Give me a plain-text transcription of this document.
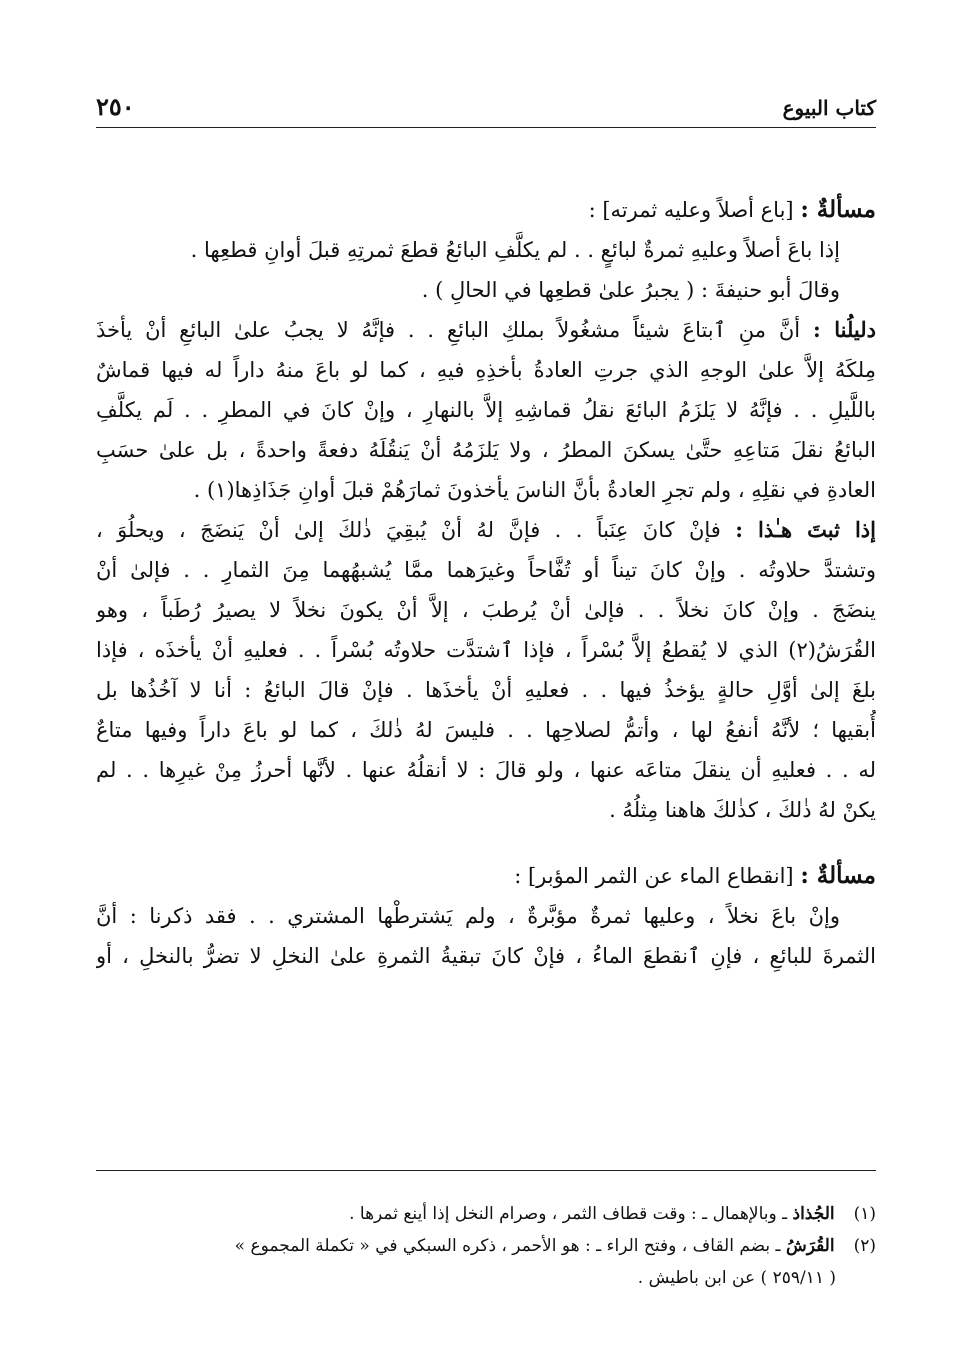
كتاب البيوع
٢٥٠
مسألةٌ : [باع أصلاً وعليه ثمرته] :
إذا باعَ أصلاً وعليهِ ثمرةٌ لبائعٍ . . لم يكلَّفِ البائعُ قطعَ ثمرتِهِ قبلَ أوانِ قطعِها .
وقالَ أبو حنيفةَ : ( يجبرُ علىٰ قطعِها في الحالِ ) .
دليلُنا : أنَّ منِ ٱبتاعَ شيئاً مشغُولاً بملكِ البائعِ . . فإنَّهُ لا يجبُ علىٰ البائعِ أنْ يأخذَ
مِلكَهُ إلاَّ علىٰ الوجهِ الذي جرتِ العادةُ بأخذِهِ فيهِ ، كما لو باعَ منهُ داراً له فيها قماشٌ
باللَّيلِ . . فإنَّهُ لا يَلزَمُ البائعَ نقلُ قماشِهِ إلاَّ بالنهارِ ، وإنْ كانَ في المطرِ . . لَم يكلَّفِ
البائعُ نقلَ مَتاعِهِ حتَّىٰ يسكنَ المطرُ ، ولا يَلزَمُهُ أنْ يَنقُلَهُ دفعةً واحدةً ، بل علىٰ حسَبِ
العادةِ في نقلِهِ ، ولم تجرِ العادةُ بأنَّ الناسَ يأخذونَ ثمارَهُمْ قبلَ أوانِ جَذَاذِها(١) .
إذا ثبتَ هـٰذا : فإنْ كانَ عِنَباً . . فإنَّ لهُ أنْ يُبقِيَ ذٰلكَ إلىٰ أنْ يَنضَجَ ، ويحلُوَ ،
وتشتدَّ حلاوتُه . وإنْ كانَ تيناً أو تُفَّاحاً وغيرَهما ممَّا يُشبهُهما مِنَ الثمارِ . . فإلىٰ أنْ
ينضَجَ . وإنْ كانَ نخلاً . . فإلىٰ أنْ يُرطبَ ، إلاَّ أنْ يكونَ نخلاً لا يصيرُ رُطَباً ، وهو
القُرَشُ(٢) الذي لا يُقطعُ إلاَّ بُسْراً ، فإذا ٱشتدَّت حلاوتُه بُسْراً . . فعليهِ أنْ يأخذَه ، فإذا
بلغَ إلىٰ أوَّلِ حالةٍ يؤخذُ فيها . . فعليهِ أنْ يأخذَها . فإنْ قالَ البائعُ : أنا لا آخُذُها بل
أُبقيها ؛ لأنَّهُ أنفعُ لها ، وأتمُّ لصلاحِها . . فليسَ لهُ ذٰلكَ ، كما لو باعَ داراً وفيها متاعٌ
له . . فعليهِ أن ينقلَ متاعَه عنها ، ولو قالَ : لا أنقلُهُ عنها . لأنَّها أحرزُ مِنْ غيرِها . . لم
يكنْ لهُ ذٰلكَ ، كذٰلكَ هاهنا مِثلُهُ .
مسألةٌ : [انقطاع الماء عن الثمر المؤبر] :
وإنْ باعَ نخلاً ، وعليها ثمرةٌ مؤبَّرةٌ ، ولم يَشترطْها المشتري . . فقد ذكرنا : أنَّ
الثمرةَ للبائعِ ، فإنِ ٱنقطعَ الماءُ ، فإنْ كانَ تبقيةُ الثمرةِ علىٰ النخلِ لا تضرُّ بالنخلِ ، أو
(١) الجُذاذ ـ وبالإهمال ـ : وقت قطاف الثمر ، وصرام النخل إذا أينع ثمرها .
(٢) القُرَشُ ـ بضم القاف ، وفتح الراء ـ : هو الأحمر ، ذكره السبكي في « تكملة المجموع »
( ٢٥٩/١١ ) عن ابن باطيش .
